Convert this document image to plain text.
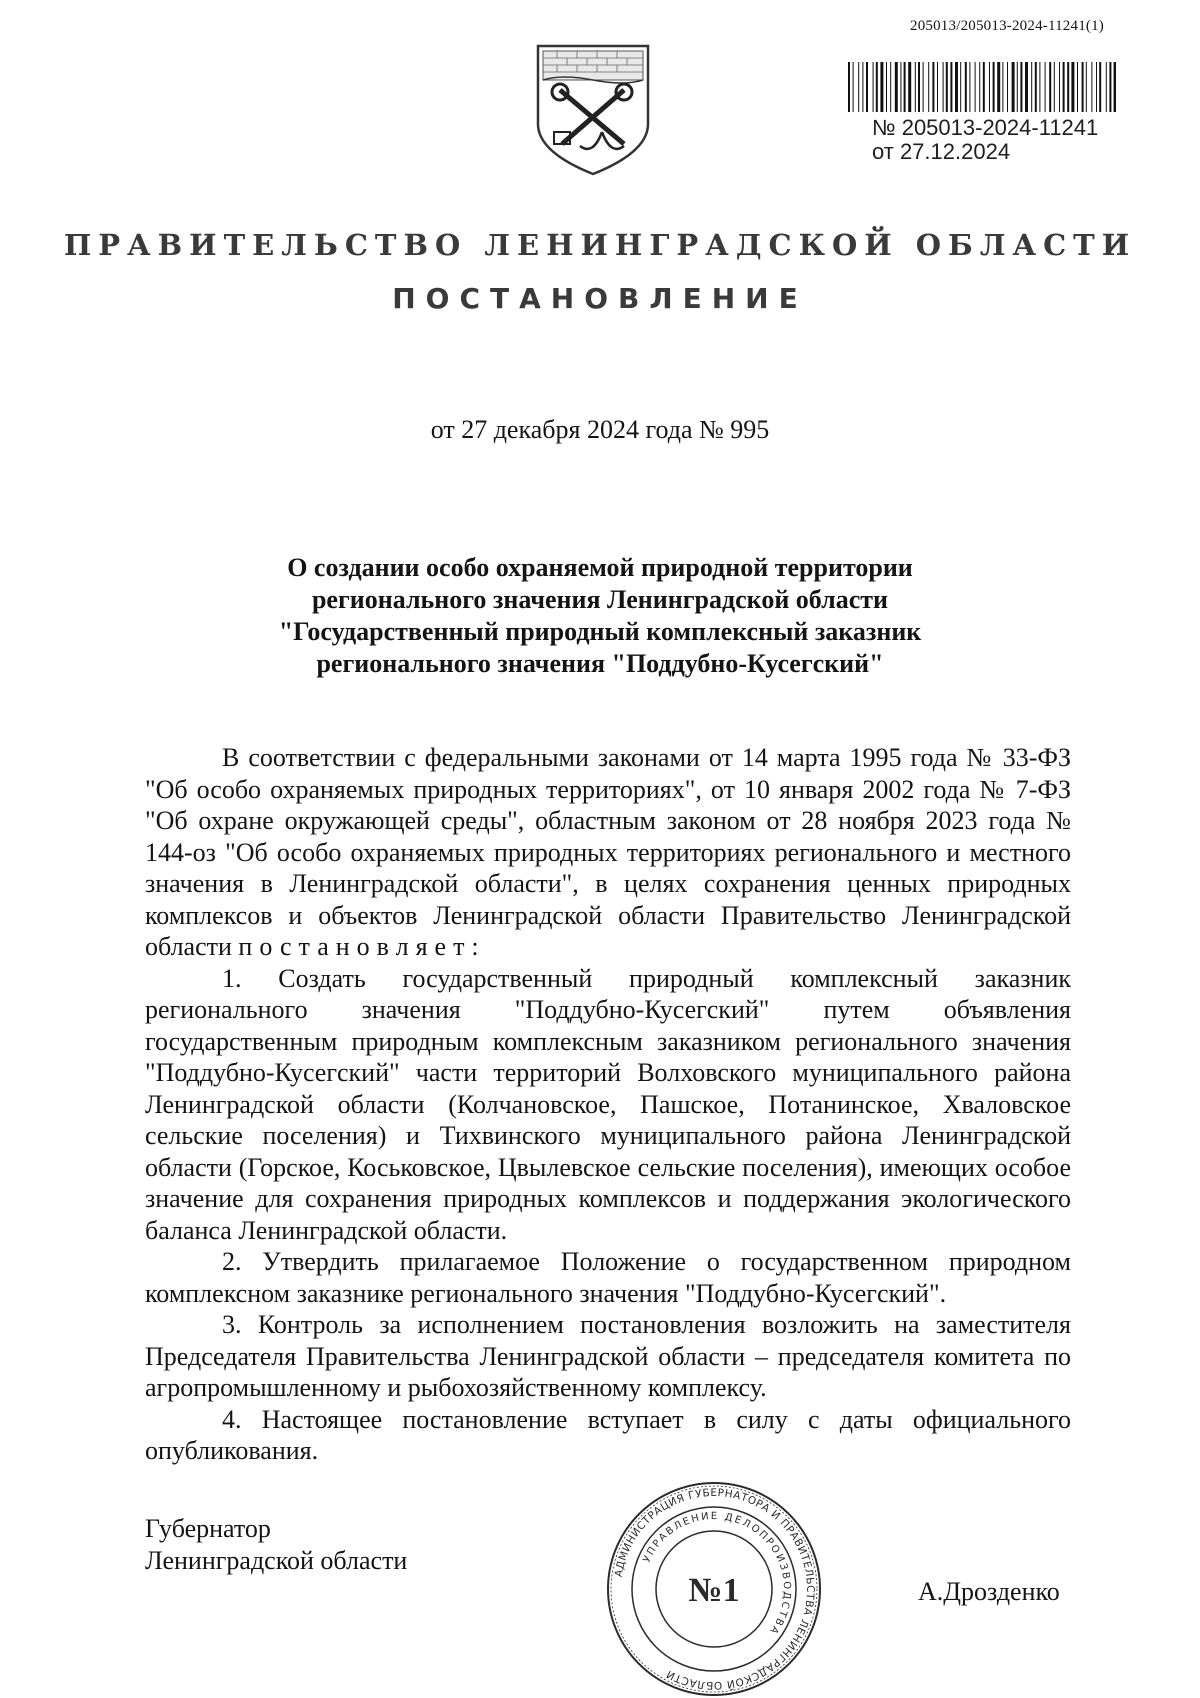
205013/205013-2024-11241(1)
№ 205013-2024-11241
от 27.12.2024
ПРАВИТЕЛЬСТВО ЛЕНИНГРАДСКОЙ ОБЛАСТИ
ПОСТАНОВЛЕНИЕ
от 27 декабря 2024 года № 995
О создании особо охраняемой природной территории
регионального значения Ленинградской области
"Государственный природный комплексный заказник
регионального значения "Поддубно-Кусегский"

В соответствии с федеральными законами от 14 марта 1995 года № 33-ФЗ "Об особо охраняемых природных территориях", от 10 января 2002 года № 7-ФЗ "Об охране окружающей среды", областным законом от 28 ноября 2023 года № 144-оз "Об особо охраняемых природных территориях регионального и местного значения в Ленинградской области", в целях сохранения ценных природных комплексов и объектов Ленинградской области Правительство Ленинградской области постановляет:

1. Создать государственный природный комплексный заказник регионального значения "Поддубно-Кусегский" путем объявления государственным природным комплексным заказником регионального значения "Поддубно-Кусегский" части территорий Волховского муниципального района Ленинградской области (Колчановское, Пашское, Потанинское, Хваловское сельские поселения) и Тихвинского муниципального района Ленинградской области (Горское, Коськовское, Цвылевское сельские поселения), имеющих особое значение для сохранения природных комплексов и поддержания экологического баланса Ленинградской области.

2. Утвердить прилагаемое Положение о государственном природном комплексном заказнике регионального значения "Поддубно-Кусегский".

3. Контроль за исполнением постановления возложить на заместителя Председателя Правительства Ленинградской области – председателя комитета по агропромышленному и рыбохозяйственному комплексу.

4. Настоящее постановление вступает в силу с даты официального опубликования.

Губернатор
Ленинградской области	АДМИНИСТРАЦИЯ ГУБЕРНАТОРА И ПРАВИТЕЛЬСТВА ЛЕНИНГРАДСКОЙ ОБЛАСТИ
УПРАВЛЕНИЕ ДЕЛОПРОИЗВОДСТВА
№1	А.Дрозденко
